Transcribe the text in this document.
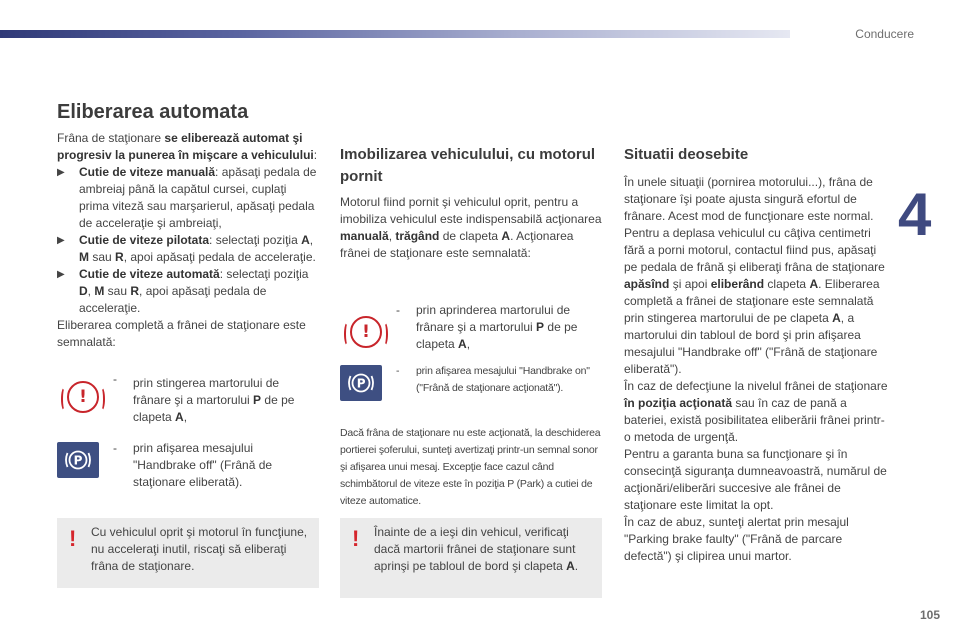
Conducere
4
105
Eliberarea automata
Frâna de staţionare se eliberează automat şi progresiv la punerea în mişcare a vehiculului:
▶ Cutie de viteze manuală: apăsaţi pedala de ambreiaj până la capătul cursei, cuplaţi prima viteză sau marşarierul, apăsaţi pedala de acceleraţie şi ambreiaţi,
▶ Cutie de viteze pilotata: selectaţi poziţia A, M sau R, apoi apăsaţi pedala de acceleraţie.
▶ Cutie de viteze automată: selectaţi poziţia D, M sau R, apoi apăsaţi pedala de acceleraţie.
Eliberarea completă a frânei de staţionare este semnalată:
!
- prin stingerea martorului de frânare şi a martorului P de pe clapeta A,
P
- prin afişarea mesajului "Handbrake off" (Frână de staţionare eliberată).
! Cu vehiculul oprit şi motorul în funcţiune, nu acceleraţi inutil, riscaţi să eliberaţi frâna de staţionare.
Imobilizarea vehiculului, cu motorul pornit
Motorul fiind pornit şi vehiculul oprit, pentru a imobiliza vehiculul este indispensabilă acţionarea manuală, trăgând de clapeta A. Acţionarea frânei de staţionare este semnalată:
!
- prin aprinderea martorului de frânare şi a martorului P de pe clapeta A,
P
- prin afişarea mesajului "Handbrake on" ("Frână de staţionare acţionată").
Dacă frâna de staţionare nu este acţionată, la deschiderea portierei şoferului, sunteţi avertizaţi printr-un semnal sonor şi afişarea unui mesaj. Excepţie face cazul când schimbătorul de viteze este în poziţia P (Park) a cutiei de viteze automatice.
! Înainte de a ieşi din vehicul, verificaţi dacă martorii frânei de staţionare sunt aprinşi pe tabloul de bord şi clapeta A.
Situatii deosebite
În unele situaţii (pornirea motorului...), frâna de staţionare îşi poate ajusta singură efortul de frânare. Acest mod de funcţionare este normal. Pentru a deplasa vehiculul cu câţiva centimetri fără a porni motorul, contactul fiind pus, apăsaţi pe pedala de frână şi eliberaţi frâna de staţionare apăsînd şi apoi eliberând clapeta A. Eliberarea completă a frânei de staţionare este semnalată prin stingerea martorului de pe clapeta A, a martorului din tabloul de bord şi prin afişarea mesajului "Handbrake off" ("Frână de staţionare eliberată").
În caz de defecţiune la nivelul frânei de staţionare în poziţia acţionată sau în caz de pană a bateriei, există posibilitatea eliberării frânei printr-o metoda de urgenţă.
Pentru a garanta buna sa funcţionare şi în consecinţă siguranţa dumneavoastră, numărul de acţionări/eliberări succesive ale frânei de staţionare este limitat la opt.
În caz de abuz, sunteţi alertat prin mesajul "Parking brake faulty" ("Frână de parcare defectă") şi clipirea unui martor.
